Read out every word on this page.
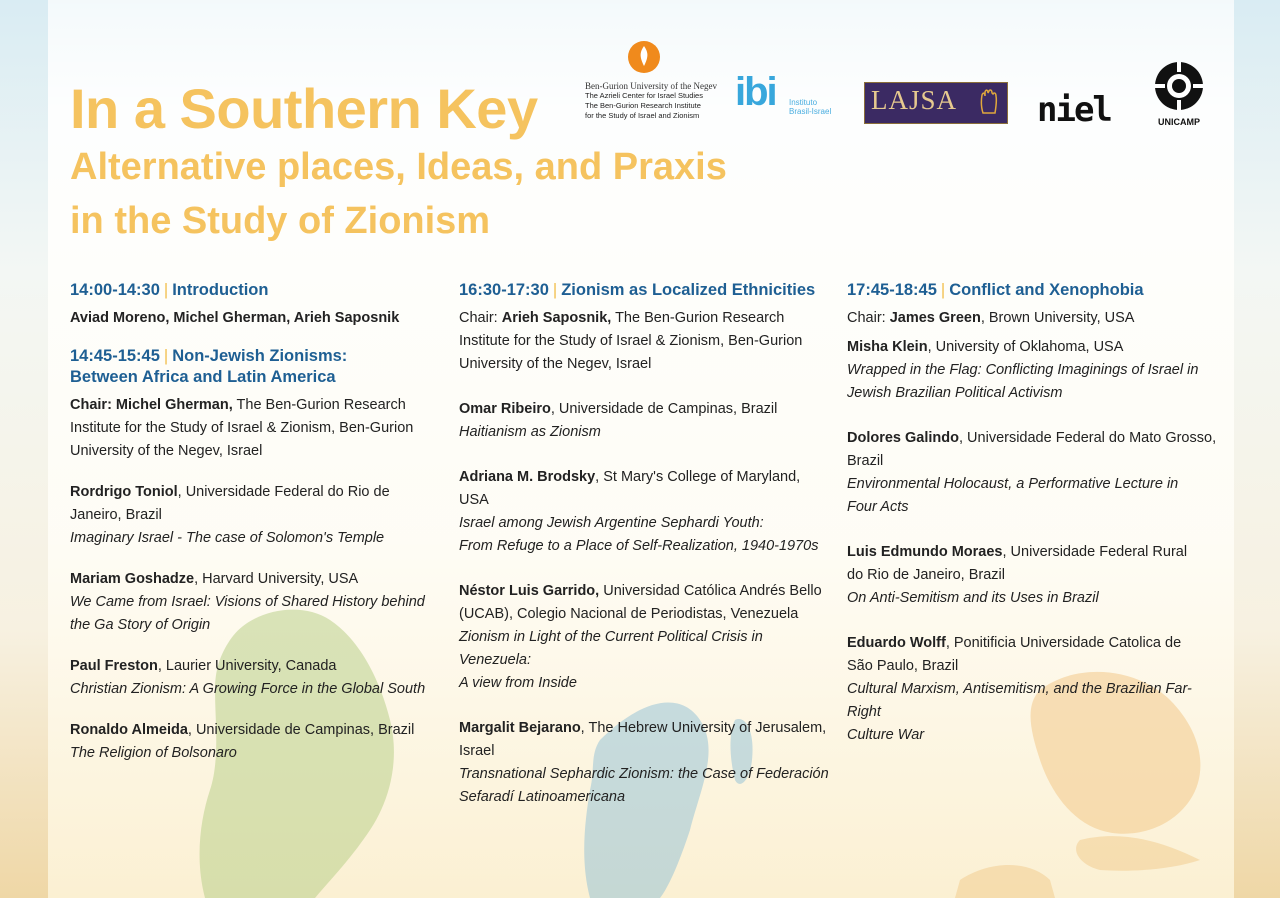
In a Southern Key

Alternative places, Ideas, and Praxis

in the Study of Zionism

Ben-Gurion University of the Negev
The Azrieli Center for Israel Studies
The Ben-Gurion Research Institute
for the Study of Israel and Zionism
ibi	Instituto
Brasil-Israel LAJSA niel	UNICAMP
14:00-14:30 | Introduction
Aviad Moreno, Michel Gherman, Arieh Saposnik
14:45-15:45 | Non-Jewish Zionisms:
Between Africa and Latin America
Chair: Michel Gherman, The Ben-Gurion Research Institute for the Study of Israel & Zionism, Ben-Gurion University of the Negev, Israel
Rordrigo Toniol, Universidade Federal do Rio de Janeiro, Brazil
Imaginary Israel - The case of Solomon's Temple
Mariam Goshadze, Harvard University, USA
We Came from Israel: Visions of Shared History behind the Ga Story of Origin
Paul Freston, Laurier University, Canada
Christian Zionism: A Growing Force in the Global South
Ronaldo Almeida, Universidade de Campinas, Brazil
The Religion of Bolsonaro
16:30-17:30 | Zionism as Localized Ethnicities
Chair: Arieh Saposnik, The Ben-Gurion Research Institute for the Study of Israel & Zionism, Ben-Gurion University of the Negev, Israel
Omar Ribeiro, Universidade de Campinas, Brazil
Haitianism as Zionism
Adriana M. Brodsky, St Mary's College of Maryland, USA
Israel among Jewish Argentine Sephardi Youth:
From Refuge to a Place of Self-Realization, 1940-1970s
Néstor Luis Garrido, Universidad Católica Andrés Bello (UCAB), Colegio Nacional de Periodistas, Venezuela
Zionism in Light of the Current Political Crisis in Venezuela:
A view from Inside
Margalit Bejarano, The Hebrew University of Jerusalem, Israel
Transnational Sephardic Zionism: the Case of Federación
Sefaradí Latinoamericana
17:45-18:45 | Conflict and Xenophobia
Chair: James Green, Brown University, USA
Misha Klein, University of Oklahoma, USA
Wrapped in the Flag: Conflicting Imaginings of Israel in Jewish Brazilian Political Activism
Dolores Galindo, Universidade Federal do Mato Grosso, Brazil
Environmental Holocaust, a Performative Lecture in
Four Acts
Luis Edmundo Moraes, Universidade Federal Rural
do Rio de Janeiro, Brazil
On Anti-Semitism and its Uses in Brazil
Eduardo Wolff, Ponitificia Universidade Catolica de
São Paulo, Brazil
Cultural Marxism, Antisemitism, and the Brazilian Far-Right
Culture War
